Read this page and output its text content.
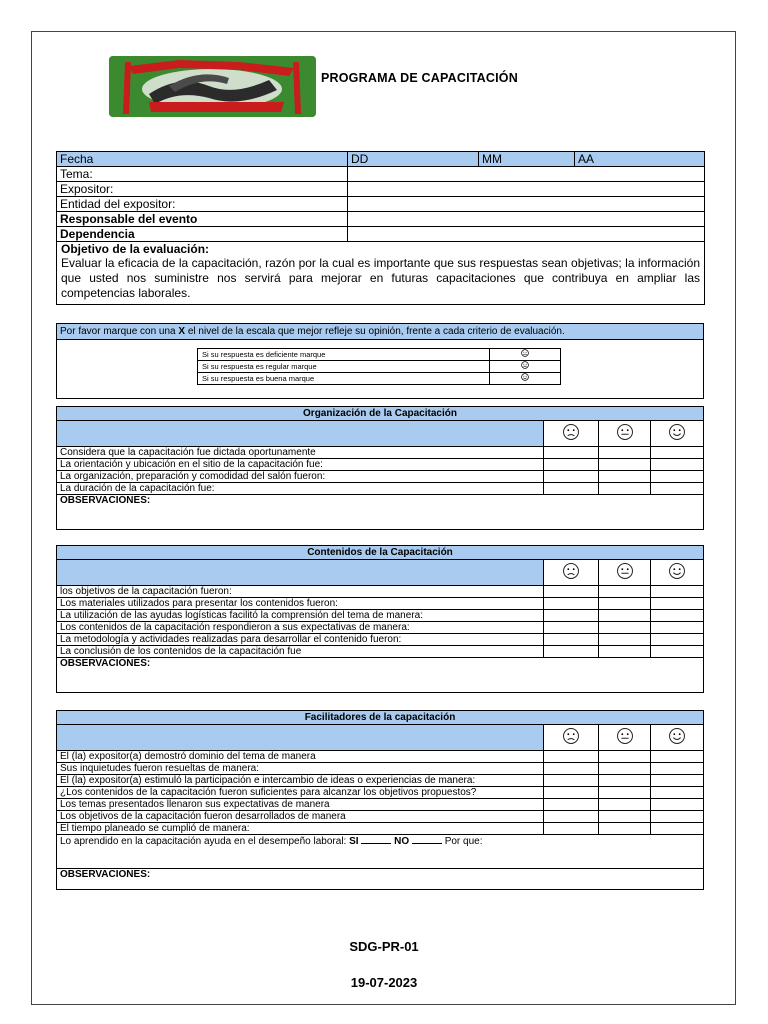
PROGRAMA DE CAPACITACIÓN
Fecha	DD	MM	AA
Tema:			
Expositor:			
Entidad del expositor:			
Responsable del evento			
Dependencia			

Objetivo de la evaluación:
Evaluar la eficacia de la capacitación, razón por la cual es importante que sus respuestas sean objetivas; la información que usted nos suministre nos servirá para mejorar en futuras capacitaciones que contribuya en ampliar las competencias laborales.			
Por favor marque con una X el nivel de la escala que mejor refleje su opinión, frente a cada criterio de evaluación.
Si su respuesta es deficiente marque	
Si su respuesta es regular marque	
Si su respuesta es buena marque	
Organización de la Capacitación			

Considera que la capacitación fue dictada oportunamente			
La orientación y ubicación en el sitio de la capacitación fue:			
La organización, preparación y comodidad del salón fueron:			
La duración de la capacitación fue:			
OBSERVACIONES:			
Contenidos de la Capacitación			

los objetivos de la capacitación fueron:			
Los materiales utilizados para presentar los contenidos fueron:			
La utilización de las ayudas logísticas facilitó la comprensión del tema de manera:			
Los contenidos de la capacitación respondieron a sus expectativas de manera:			
La metodología y actividades realizadas para desarrollar el contenido fueron:			
La conclusión de los contenidos de la capacitación fue			
OBSERVACIONES:			
Facilitadores de la capacitación			

El (la) expositor(a) demostró dominio del tema de manera			
Sus inquietudes fueron resueltas de manera:			
El (la) expositor(a) estimuló la participación e intercambio de ideas o experiencias de manera:			
¿Los contenidos de la capacitación fueron suficientes para alcanzar los objetivos propuestos?			
Los temas presentados llenaron sus expectativas de manera			
Los objetivos de la capacitación fueron desarrollados de manera			
El tiempo planeado se cumplió de manera:			
Lo aprendido en la capacitación ayuda en el desempeño laboral: SI NO Por que:			
OBSERVACIONES:			
SDG-PR-01
19-07-2023
